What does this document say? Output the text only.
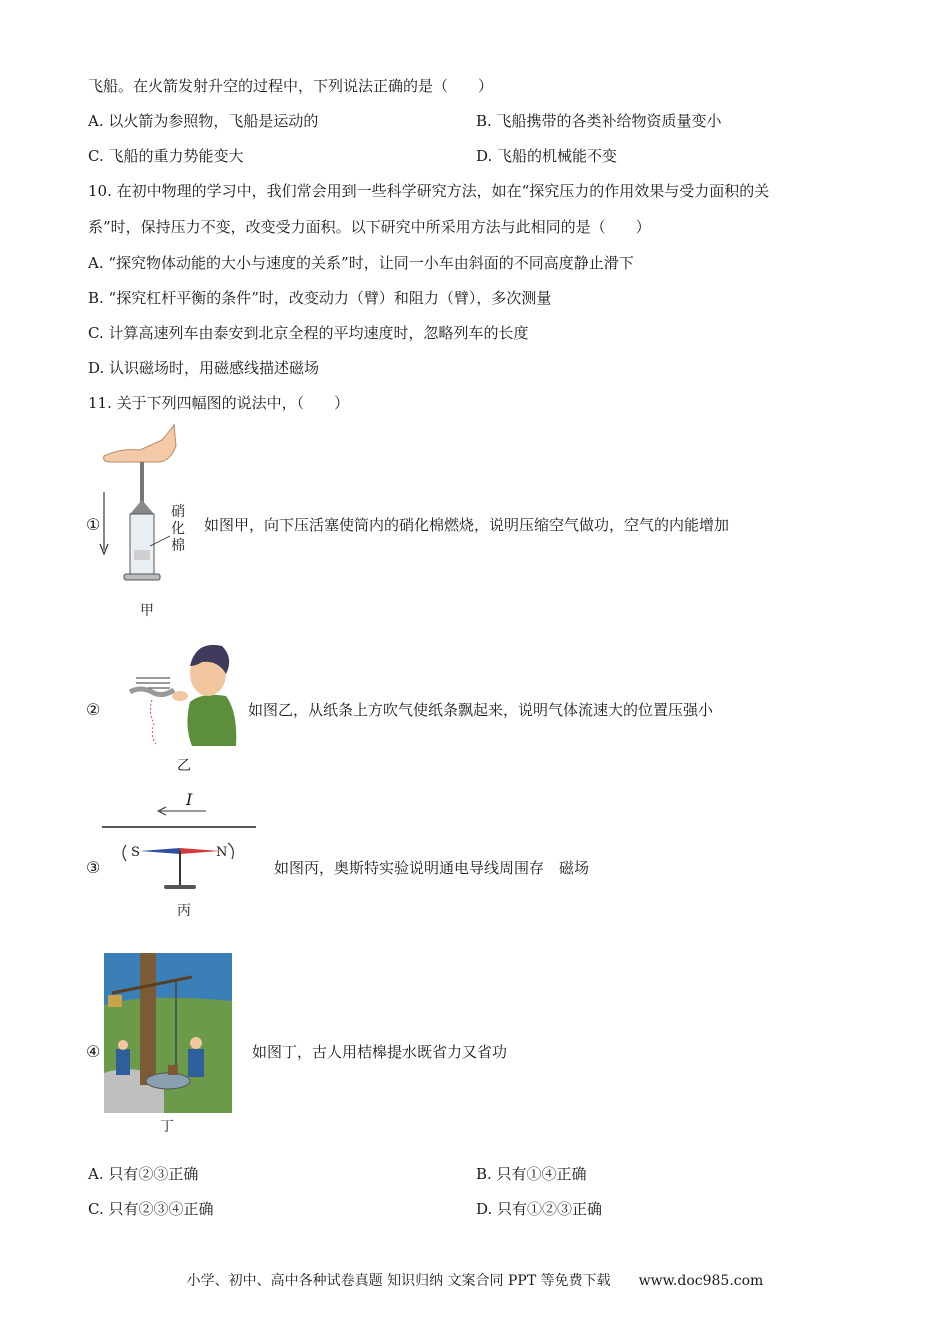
飞船。在火箭发射升空的过程中，下列说法正确的是（　　）
A. 以火箭为参照物，飞船是运动的	B. 飞船携带的各类补给物资质量变小
C. 飞船的重力势能变大	D. 飞船的机械能不变
10. 在初中物理的学习中，我们常会用到一些科学研究方法，如在“探究压力的作用效果与受力面积的关
系”时，保持压力不变，改变受力面积。以下研究中所采用方法与此相同的是（　　）
A. “探究物体动能的大小与速度的关系”时，让同一小车由斜面的不同高度静止滑下
B. “探究杠杆平衡的条件”时，改变动力（臂）和阻力（臂），多次测量
C. 计算高速列车由泰安到北京全程的平均速度时，忽略列车的长度
D. 认识磁场时，用磁感线描述磁场
11. 关于下列四幅图的说法中，（　　）
硝化棉
①	如图甲，向下压活塞使筒内的硝化棉燃烧，说明压缩空气做功，空气的内能增加
甲
②	如图乙，从纸条上方吹气使纸条飘起来，说明气体流速大的位置压强小
乙
I
S	N
③	如图丙，奥斯特实验说明通电导线周围存　磁场
丙
④	如图丁，古人用桔槔提水既省力又省功
丁
A. 只有②③正确	B. 只有①④正确
C. 只有②③④正确	D. 只有①②③正确
小学、初中、高中各种试卷真题 知识归纳 文案合同 PPT 等免费下载　　www.doc985.com
